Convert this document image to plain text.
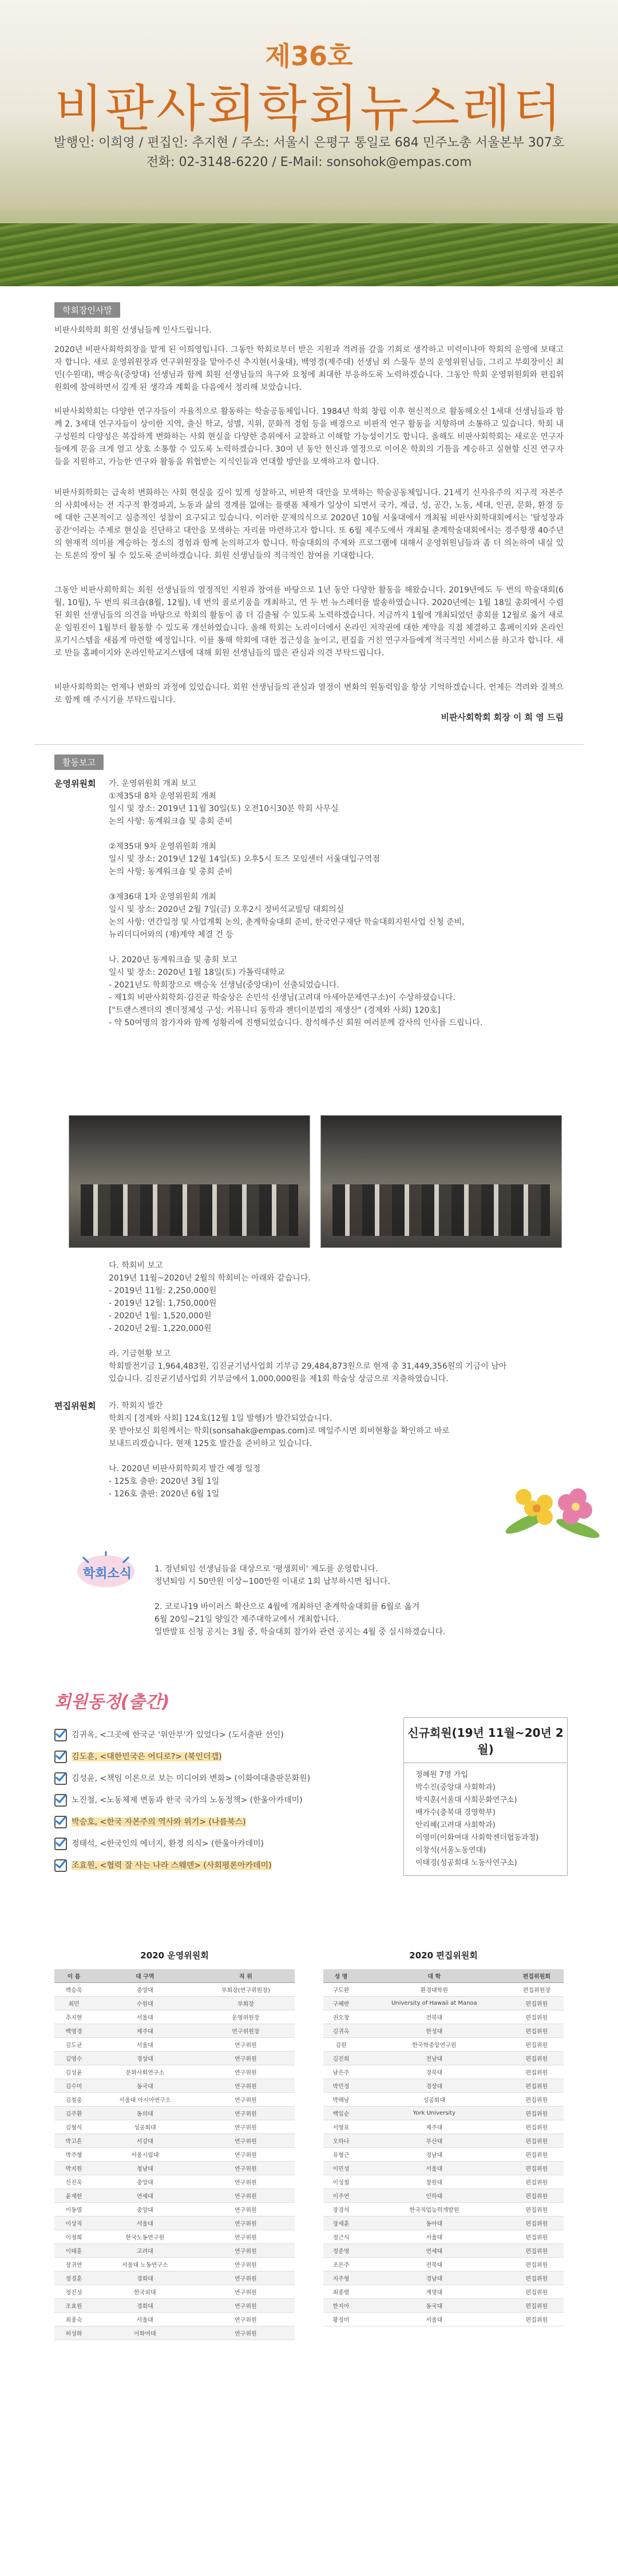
제36호
비판사회학회뉴스레터
발행인: 이희영 / 편집인: 추지현 / 주소: 서울시 은평구 통일로 684 민주노총 서울본부 307호
전화: 02-3148-6220 / E-Mail: sonsohok@empas.com
학회장인사말
비판사회학회 회원 선생님들께 인사드립니다.
2020년 비판사회학회장을 맡게 된 이희영입니다. 그동안 학회로부터 받은 지원과 격려를 갚을 기회로 생각하고 미력이나마 학회의 운영에 보태고자 합니다. 새로 운영위원장과 연구위원장을 맡아주신 추지현(서울대), 백영경(제주대) 선생님 외 스물두 분의 운영위원님들, 그리고 부회장이신 최민(수원대), 백승욱(중앙대) 선생님과 함께 회원 선생님들의 욕구와 요청에 최대한 부응하도록 노력하겠습니다. 그동안 학회 운영위원회와 편집위원회에 참여하면서 깊게 된 생각과 계획을 다음에서 정리해 보았습니다.
비판사회학회는 다양한 연구자들이 자율적으로 활동하는 학술공동체입니다. 1984년 학회 창립 이후 현신적으로 활동해오신 1세대 선생님들과 함께 2, 3세대 연구자들이 상이한 지역, 출신 학교, 성별, 지위, 문화적 경험 등을 배경으로 비판적 연구 활동을 지향하며 소통하고 있습니다. 학회 내 구성원의 다양성은 복잡하게 변화하는 사회 현실을 다양한 층위에서 교찰하고 이해할 가능성이기도 합니다. 올해도 비판사회학회는 새로운 연구자들에게 문을 크게 열고 상호 소통할 수 있도록 노력하겠습니다. 30여 년 동안 헌신과 열정으로 이어온 학회의 기틀을 계승하고 실현할 신진 연구자들을 지원하고, 가능한 연구와 활동을 위협받는 지식인들과 연대할 방안을 모색하고자 합니다.
비판사회학회는 급속히 변화하는 사회 현실을 깊이 있게 성찰하고, 비판적 대안을 모색하는 학술공동체입니다. 21세기 신자유주의 지구적 자본주의 사회에서는 전 지구적 환경파괴, 노동과 삶의 경계를 없애는 플랫폼 체제가 일상이 되면서 국가, 계급, 성, 공간, 노동, 세대, 인권, 문화, 환경 등에 대한 근본적이고 심층적인 성찰이 요구되고 있습니다. 이러한 문제의식으로 2020년 10월 서울대에서 개최될 비판사회학대회에서는 '탈성장과 공간'이라는 주제로 현실을 진단하고 대안을 모색하는 자리를 마련하고자 합니다. 또 6월 제주도에서 개최될 춘계학술대회에서는 경주항쟁 40주년의 현재적 의미를 계승하는 정소의 경험과 함께 논의하고자 합니다. 학술대회의 주제와 프로그램에 대해서 운영위원님들과 좀 더 의논하여 내실 있는 토론의 장이 될 수 있도록 준비하겠습니다. 회원 선생님들의 적극적인 참여를 기대합니다.
그동안 비판사회학회는 회원 선생님들의 열정적인 지원과 참여를 바탕으로 1년 동안 다양한 활동을 해왔습니다. 2019년에도 두 번의 학술대회(6월, 10월), 두 번의 워크숍(8월, 12월), 네 번의 콜로키움을 개최하고, 연 두 번 뉴스레터를 발송하였습니다. 2020년에는 1월 18일 총회에서 수렴된 회원 선생님들의 의견을 바탕으로 학회의 활동이 좀 더 김출될 수 있도록 노력하겠습니다. 지금까지 1월에 개최되었던 총회를 12월로 옮겨 새로운 임원진이 1월부터 활동할 수 있도록 개선하였습니다. 올해 학회는 노리이더에서 온라인 저작권에 대한 계약을 직접 체결하고 홈페이지와 온라인포기시스템을 새롭게 마련할 예정입니다. 이를 통해 학회에 대한 접근성을 높이고, 편집을 거친 연구자들에게 적극적인 서비스를 하고자 합니다. 새로 만들 홈페이지와 온라인학교지스템에 대해 회원 선생님들의 많은 관심과 의견 부탁드립니다.
비판사회학회는 언제나 변화의 과정에 있었습니다. 회원 선생님들의 관심과 열정이 변화의 원동력임을 항상 기억하겠습니다. 언제든 격려와 질책으로 함께 해 주시기를 부탁드립니다.
비판사회학회 회장 이 희 영 드림
활동보고
운영위원회 가. 운영위원회 개최 보고
①제35대 8차 운영위원회 개최
일시 및 장소: 2019년 11월 30일(토) 오전10시30분 학회 사무실
논의 사항: 동계워크숍 및 총회 준비

②제35대 9차 운영위원회 개최
일시 및 장소: 2019년 12월 14일(토) 오후5시 토즈 모임센터 서울대입구역점
논의 사항: 동계워크숍 및 총회 준비

③제36대 1차 운영위원회 개최
일시 및 장소: 2020년 2월 7일(금) 오후2시 정비석교빌딩 대회의실
논의 사항: 연간일정 및 사업계획 논의, 춘계학술대회 준비, 한국연구재단 학술대회지원사업 신청 준비,
뉴리더디어와의 (재)계약 체결 건 등

나. 2020년 동계워크숍 및 총회 보고
일시 및 장소: 2020년 1월 18일(토) 가톨릭대학교
- 2021년도 학회장으로 백승욱 선생님(중앙대)이 선출되었습니다.
- 제1회 비판사회학회·김진균 학술상은 손민석 선생님(고려대 아세아문제연구소)이 수상하셨습니다.
["트랜스젠더의 젠더정체성 구성: 커뮤니티 동학과 젠더이분법의 재생산" (경제와 사회) 120호]
- 약 50여명의 참가자와 함께 성황리에 진행되었습니다. 참석해주신 회원 여러분께 감사의 인사를 드립니다.
다. 학회비 보고
2019년 11월~2020년 2월의 학회비는 아래와 같습니다.
- 2019년 11월: 2,250,000원
- 2019년 12월: 1,750,000원
- 2020년 1월: 1,520,000원
- 2020년 2월: 1,220,000원

라. 기금현황 보고
학회발전기금 1,964,483원, 김진균기념사업회 기부금 29,484,873원으로 현재 총 31,449,356원의 기금이 남아
있습니다. 김진균기념사업회 기부금에서 1,000,000원을 제1회 학술상 상금으로 지출하였습니다.
편집위원회 가. 학회지 발간
학회지 [경제와 사회] 124호(12월 1일 발행)가 발간되었습니다.
못 받아보신 회원께서는 학회(sonsahak@empas.com)로 메일주시면 회비현황을 확인하고 바로
보내드리겠습니다. 현재 125호 발간을 준비하고 있습니다.

나. 2020년 비판사회학회지 발간 예정 일정
- 125호 출판: 2020년 3월 1일
- 126호 출판: 2020년 6월 1일
학회소식	1. 정년퇴임 선생님들을 대상으로 '평생회비' 제도를 운영합니다.
정년퇴임 시 50만원 이상~100만원 이내로 1회 납부하시면 됩니다.

2. 코로나19 바이러스 확산으로 4월에 개최하던 춘계학술대회를 6월로 옮겨
6월 20일~21일 양일간 제주대학교에서 개최합니다.
일반발표 신청 공지는 3월 중, 학술대회 참가와 관련 공지는 4월 중 실시하겠습니다.
회원동정(출간)
김귀옥, <그곳에 한국군 '위안부'가 있었다> (도서출판 선인)
김도훈, <대한민국은 어디로?> (북인더갭)
김성윤, <책임 이론으로 보는 미디어와 변화> (이화여대출판문화원)
노진철, <노동체제 변동과 한국 국가의 노동정책> (한울아카데미)
박승호, <한국 자본주의 역사와 위기> (나름북스)
정태석, <한국인의 에너지, 환경 의식> (한울아카데미)
조효원, <협력 잘 사는 나라 스웨덴> (사회평론아카데미)
신규회원(19년 11월~20년 2월)
정혜원 7명 가입
박수진(중앙대 사회학과)
박지훈(서울대 사회문화연구소)
배가수(충북대 경영학부)
안리혜(고려대 사회학과)
이영미(이화여대 사회학젠더협동과정)
이창석(서울노동연대)
이태경(성공회대 노동사연구소)
2020 운영위원회
이 름	대 구역	직 위
백승욱	중앙대	부회장(연구위원장)
최민	수원대	부회장
추지현	서울대	운영위원장
백영경	제주대	연구위원장
김도균	서울대	연구위원
김영수	경상대	연구위원
김성윤	문화사회연구소	연구위원
김수미	동국대	연구위원
김철웅	서울대 아시아연구소	연구위원
김주환	동의대	연구위원
김형식	성공회대	연구위원
박고흔	서강대	연구위원
박주형	서울시립대	연구위원
박지원	청남대	연구위원
신진욱	중앙대	연구위원
윤재헌	연세대	연구위원
이동열	중앙대	연구위원
이상직	서울대	연구위원
이정희	한국노동연구원	연구위원
이태훈	고려대	연구위원
장귀연	서울대 노동연구소	연구위원
정경훈	경희대	연구위원
정진성	한국외대	연구위원
조효원	경희대	연구위원
최종숙	서울대	연구위원
허성화	이화여대	연구위원
2020 편집위원회
성 명	대 학	편집위원회
구도완	환경대학원	편집위원장
구혜란	University of Hawaii at Manoa	편집위원
권오창	전북대	편집위원
김귀옥	한성대	편집위원
김원	한국학중앙연구원	편집위원
김진희	전남대	편집위원
남은주	경북대	편집위원
박민정	경상대	편집위원
박해남	성공회대	편집위원
백일순	York University	편집위원
서영표	제주대	편집위원
오하나	부산대	편집위원
유형근	경남대	편집위원
이민성	서울대	편집위원
이성철	창원대	편집위원
이주연	인하대	편집위원
장경석	한국직업능력개발원	편집위원
장세훈	동아대	편집위원
정근식	서울대	편집위원
정준영	연세대	편집위원
조은주	전북대	편집위원
지주형	경남대	편집위원
최종렬	계명대	편집위원
한지아	동국대	편집위원
황정미	서울대	편집위원
